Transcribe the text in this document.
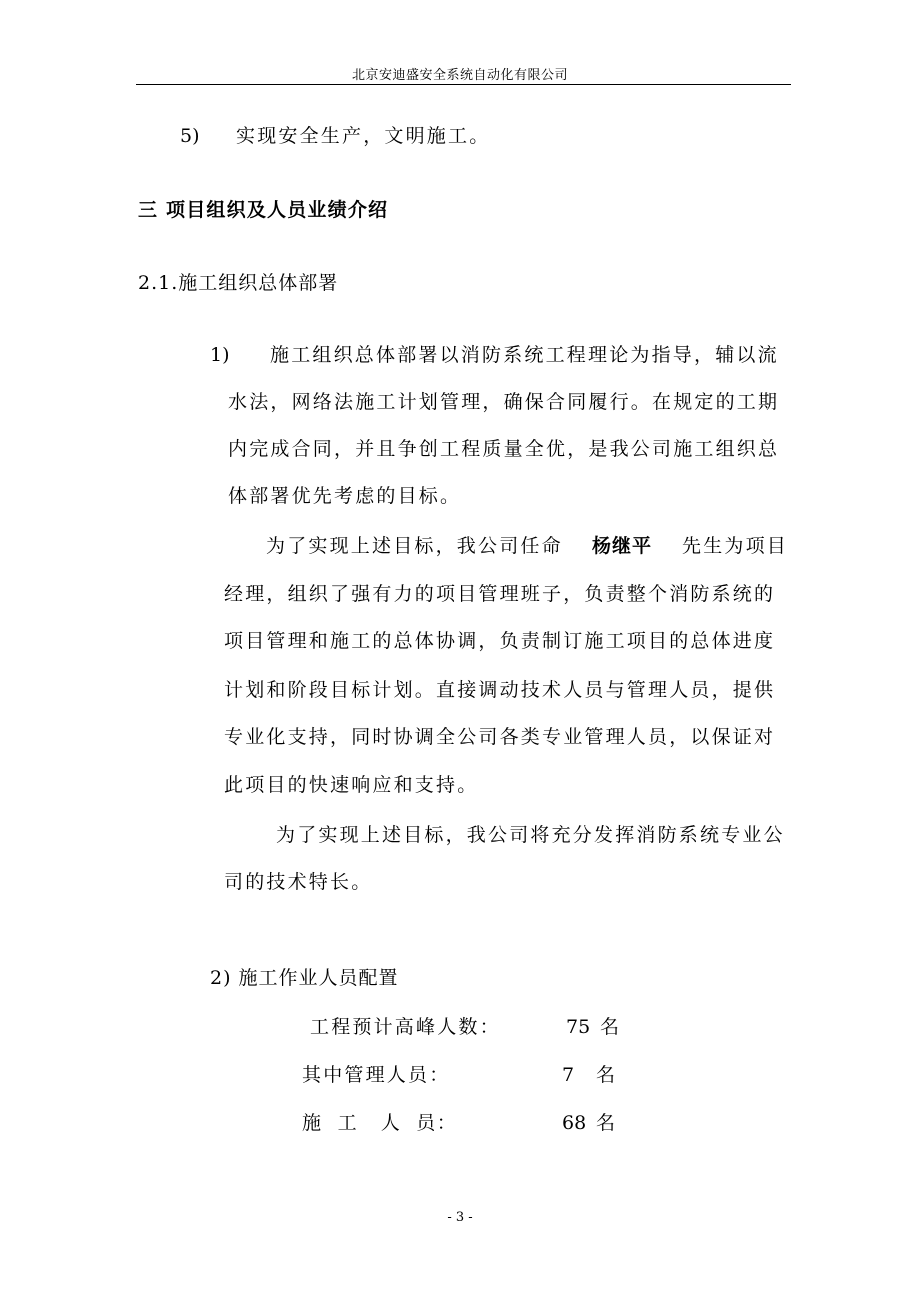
北京安迪盛安全系统自动化有限公司
5) 实现安全生产，文明施工。
三 项目组织及人员业绩介绍
2.1.施工组织总体部署
1) 施工组织总体部署以消防系统工程理论为指导，辅以流
水法，网络法施工计划管理，确保合同履行。在规定的工期
内完成合同，并且争创工程质量全优，是我公司施工组织总
体部署优先考虑的目标。
为了实现上述目标，我公司任命 杨继平 先生为项目
经理，组织了强有力的项目管理班子，负责整个消防系统的
项目管理和施工的总体协调，负责制订施工项目的总体进度
计划和阶段目标计划。直接调动技术人员与管理人员，提供
专业化支持，同时协调全公司各类专业管理人员，以保证对
此项目的快速响应和支持。
为了实现上述目标，我公司将充分发挥消防系统专业公
司的技术特长。
2) 施工作业人员配置
工程预计高峰人数：	75 名
其中管理人员：	7 名
施  工   人  员：	68 名
- 3 -
